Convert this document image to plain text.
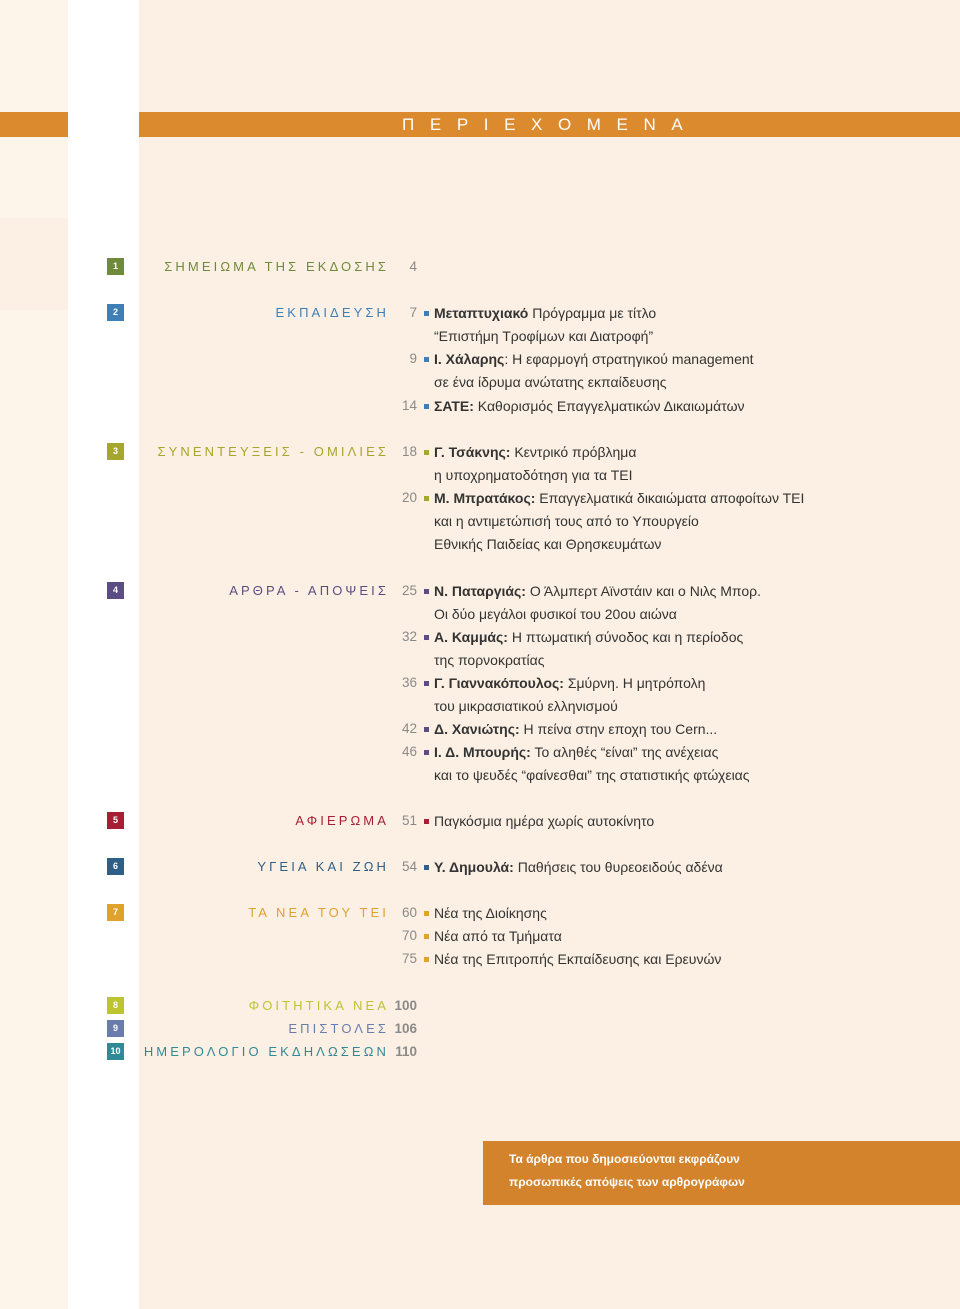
ΠΕΡΙΕΧΟΜΕΝΑ
1	ΣΗΜΕΙΩΜΑ ΤΗΣ ΕΚΔΟΣΗΣ 4
2	ΕΚΠΑΙΔΕΥΣΗ 7 Μεταπτυχιακό Πρόγραμμα με τίτλο
“Επιστήμη Τροφίμων και Διατροφή”
9 Ι. Χάλαρης: Η εφαρμογή στρατηγικού management
σε ένα ίδρυμα ανώτατης εκπαίδευσης
14 ΣΑΤΕ: Καθορισμός Επαγγελματικών Δικαιωμάτων
3	ΣΥΝΕΝΤΕΥΞΕΙΣ - ΟΜΙΛΙΕΣ 18 Γ. Τσάκνης: Κεντρικό πρόβλημα
η υποχρηματοδότηση για τα ΤΕΙ
20 Μ. Μπρατάκος: Επαγγελματικά δικαιώματα αποφοίτων ΤΕΙ
και η αντιμετώπισή τους από το Υπουργείο
Εθνικής Παιδείας και Θρησκευμάτων
4	ΑΡΘΡΑ - ΑΠΟΨΕΙΣ 25 Ν. Παταργιάς: Ο Άλμπερτ Αϊνστάιν και ο Νιλς Μπορ.
Οι δύο μεγάλοι φυσικοί του 20ου αιώνα
32 Α. Καμμάς: Η πτωματική σύνοδος και η περίοδος
της πορνοκρατίας
36 Γ. Γιαννακόπουλος: Σμύρνη. Η μητρόπολη
του μικρασιατικού ελληνισμού
42 Δ. Χανιώτης: Η πείνα στην εποχη του Cern...
46 Ι. Δ. Μπουρής: Το αληθές “είναι” της ανέχειας
και το ψευδές “φαίνεσθαι” της στατιστικής φτώχειας
5	ΑΦΙΕΡΩΜΑ 51 Παγκόσμια ημέρα χωρίς αυτοκίνητο
6	ΥΓΕΙΑ ΚΑΙ ΖΩΗ 54 Υ. Δημουλά: Παθήσεις του θυρεοειδούς αδένα
7	ΤΑ ΝΕΑ ΤΟΥ ΤΕΙ 60 Νέα της Διοίκησης
70 Νέα από τα Τμήματα
75 Νέα της Επιτροπής Εκπαίδευσης και Ερευνών
8	ΦΟΙΤΗΤΙΚΑ ΝΕΑ 100
9	ΕΠΙΣΤΟΛΕΣ 106
10 ΗΜΕΡΟΛΟΓΙΟ ΕΚΔΗΛΩΣΕΩΝ 110
Τα άρθρα που δημοσιεύονται εκφράζουν
προσωπικές απόψεις των αρθρογράφων
